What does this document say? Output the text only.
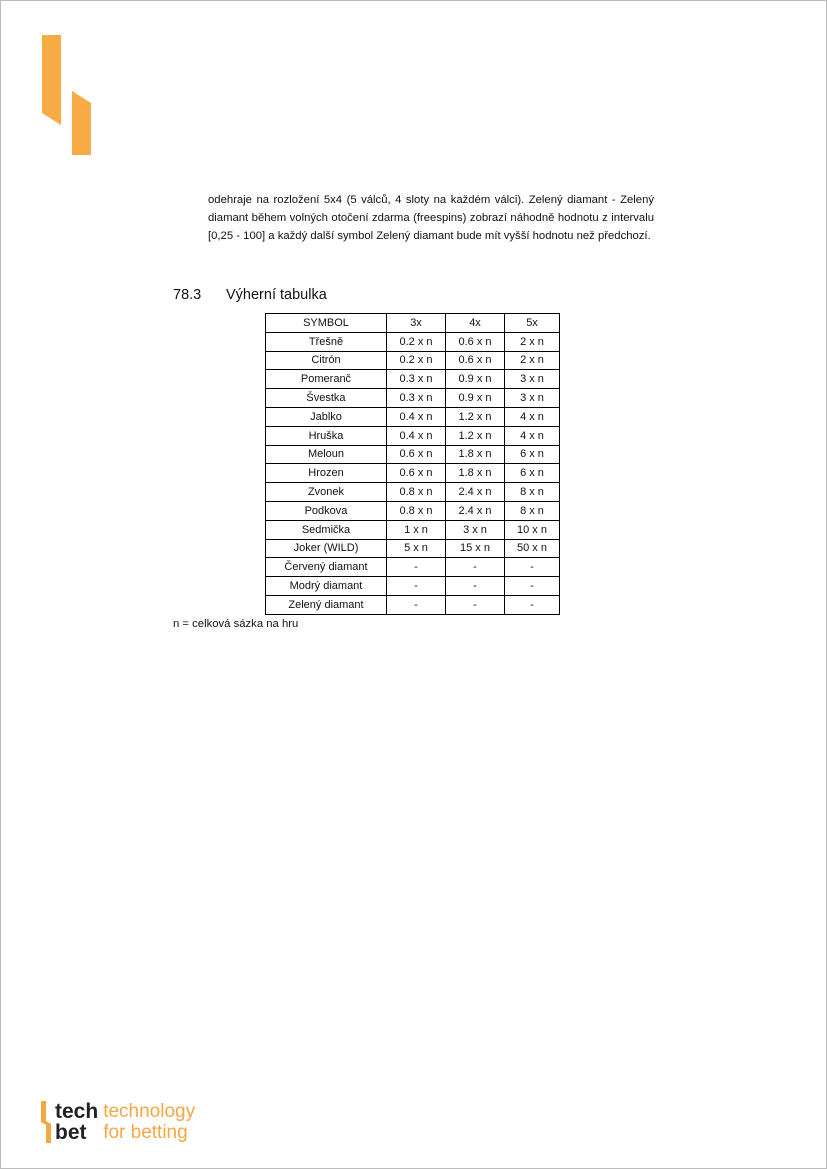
odehraje na rozložení 5x4 (5 válců, 4 sloty na každém válci). Zelený diamant - Zelený diamant během volných otočení zdarma (freespins) zobrazí náhodně hodnotu z intervalu [0,25 - 100] a každý další symbol Zelený diamant bude mít vyšší hodnotu než předchozí.
78.3 Výherní tabulka
SYMBOL	3x	4x	5x
Třešně	0.2 x n	0.6 x n	2 x n
Citrón	0.2 x n	0.6 x n	2 x n
Pomeranč	0.3 x n	0.9 x n	3 x n
Švestka	0.3 x n	0.9 x n	3 x n
Jablko	0.4 x n	1.2 x n	4 x n
Hruška	0.4 x n	1.2 x n	4 x n
Meloun	0.6 x n	1.8 x n	6 x n
Hrozen	0.6 x n	1.8 x n	6 x n
Zvonek	0.8 x n	2.4 x n	8 x n
Podkova	0.8 x n	2.4 x n	8 x n
Sedmička	1 x n	3 x n	10 x n
Joker (WILD)	5 x n	15 x n	50 x n
Červený diamant	-	-	-
Modrý diamant	-	-	-
Zelený diamant	-	-	-
n = celková sázka na hru
tech
bet
technology
for betting
